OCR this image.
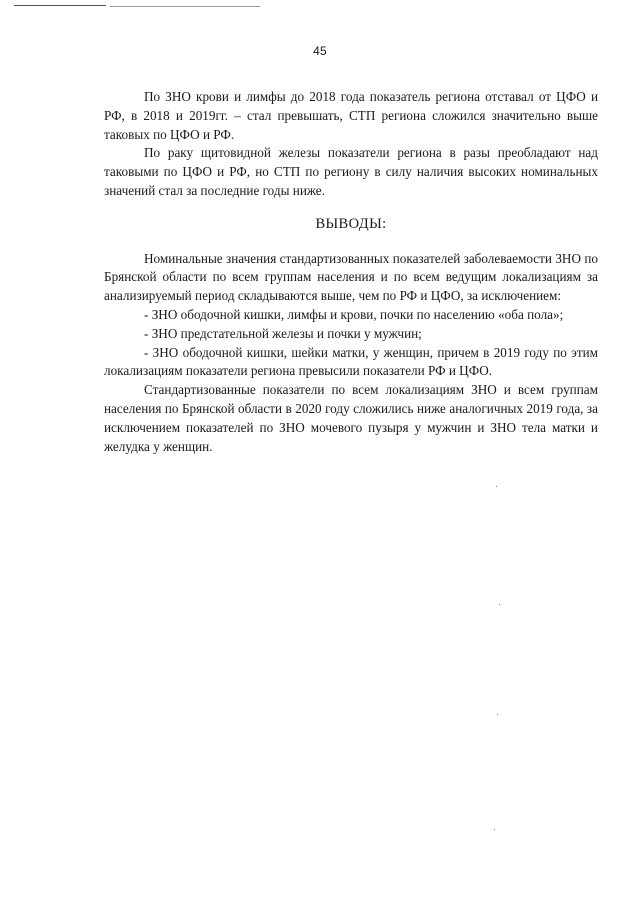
45

По ЗНО крови и лимфы до 2018 года показатель региона отставал от ЦФО и РФ, в 2018 и 2019гг. – стал превышать, СТП региона сложился значительно выше таковых по ЦФО и РФ.

По раку щитовидной железы показатели региона в разы преобладают над таковыми по ЦФО и РФ, но СТП по региону в силу наличия высоких номинальных значений стал за последние годы ниже.

ВЫВОДЫ:

Номинальные значения стандартизованных показателей заболеваемости ЗНО по Брянской области по всем группам населения и по всем ведущим локализациям за анализируемый период складываются выше, чем по РФ и ЦФО, за исключением:

- ЗНО ободочной кишки, лимфы и крови, почки по населению «оба пола»;

- ЗНО предстательной железы и почки у мужчин;

- ЗНО ободочной кишки, шейки матки, у женщин, причем в 2019 году по этим локализациям показатели региона превысили показатели РФ и ЦФО.

Стандартизованные показатели по всем локализациям ЗНО и всем группам населения по Брянской области в 2020 году сложились ниже аналогичных 2019 года, за исключением показателей по ЗНО мочевого пузыря у мужчин и ЗНО тела матки и желудка у женщин.
